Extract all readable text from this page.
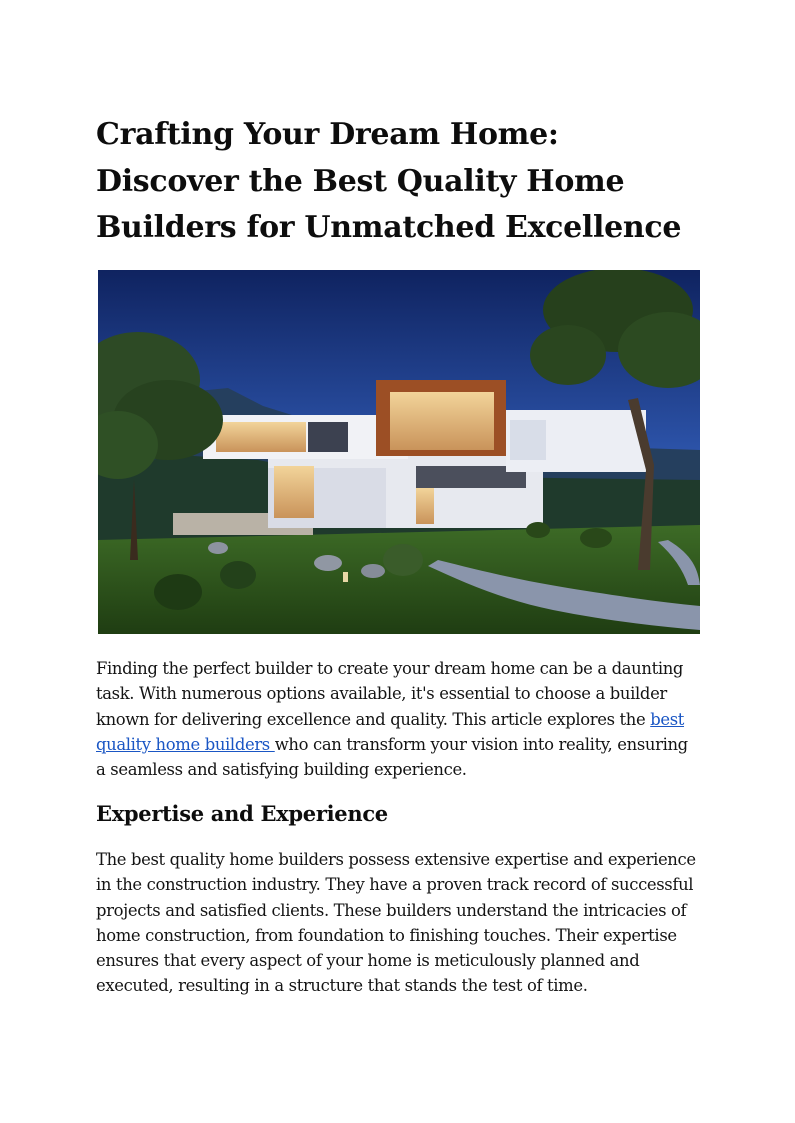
Crafting Your Dream Home: Discover the Best Quality Home Builders for Unmatched Excellence

Finding the perfect builder to create your dream home can be a daunting task. With numerous options available, it's essential to choose a builder known for delivering excellence and quality. This article explores the best quality home builders who can transform your vision into reality, ensuring a seamless and satisfying building experience.

Expertise and Experience

The best quality home builders possess extensive expertise and experience in the construction industry. They have a proven track record of successful projects and satisfied clients. These builders understand the intricacies of home construction, from foundation to finishing touches. Their expertise ensures that every aspect of your home is meticulously planned and executed, resulting in a structure that stands the test of time.
